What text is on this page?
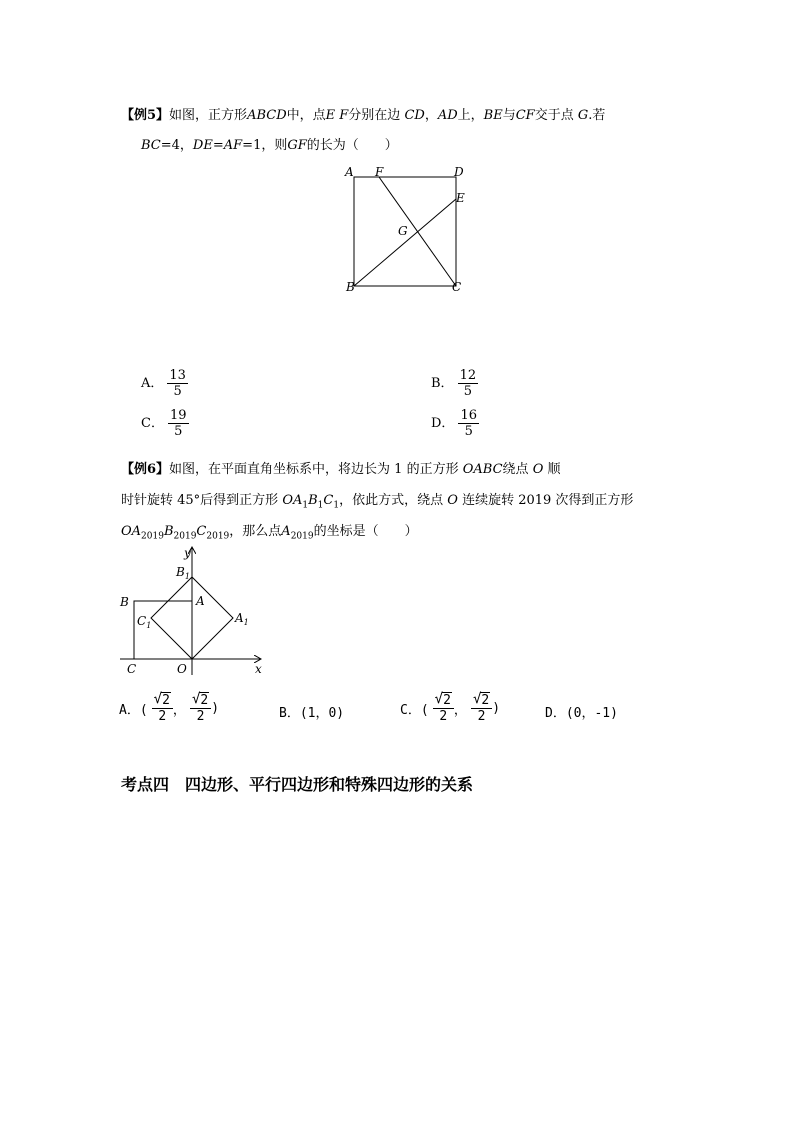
【例5】如图，正方形ABCD中，点E F分别在边 CD，AD上，BE与CF交于点 G.若
BC=4，DE=AF=1，则GF的长为（　　）
A F	D
E
G
B	C
A． $\frac{13}{5}$	B． $\frac{12}{5}$
C． $\frac{19}{5}$	D． $\frac{16}{5}$
【例6】如图，在平面直角坐标系中，将边长为 1 的正方形 OABC绕点 O 顺
时针旋转 45°后得到正方形 $OA_1B_1C_1$，依此方式，绕点 O 连续旋转 2019 次得到正方形
$OA_{2019}B_{2019}C_{2019}$，那么点$A_{2019}$的坐标是（　　）
y
x
$B_1$
A
B
$A_1$
$C_1$
C	O
A．( $\frac{√ 2}{2}$ ， $\frac{√ 2}{2}$ )	B．(1，0)	C．( $\frac{√ 2}{2}$ ， $\frac{√ 2}{2}$ )	D．(0，-1)
考点四　四边形、平行四边形和特殊四边形的关系
